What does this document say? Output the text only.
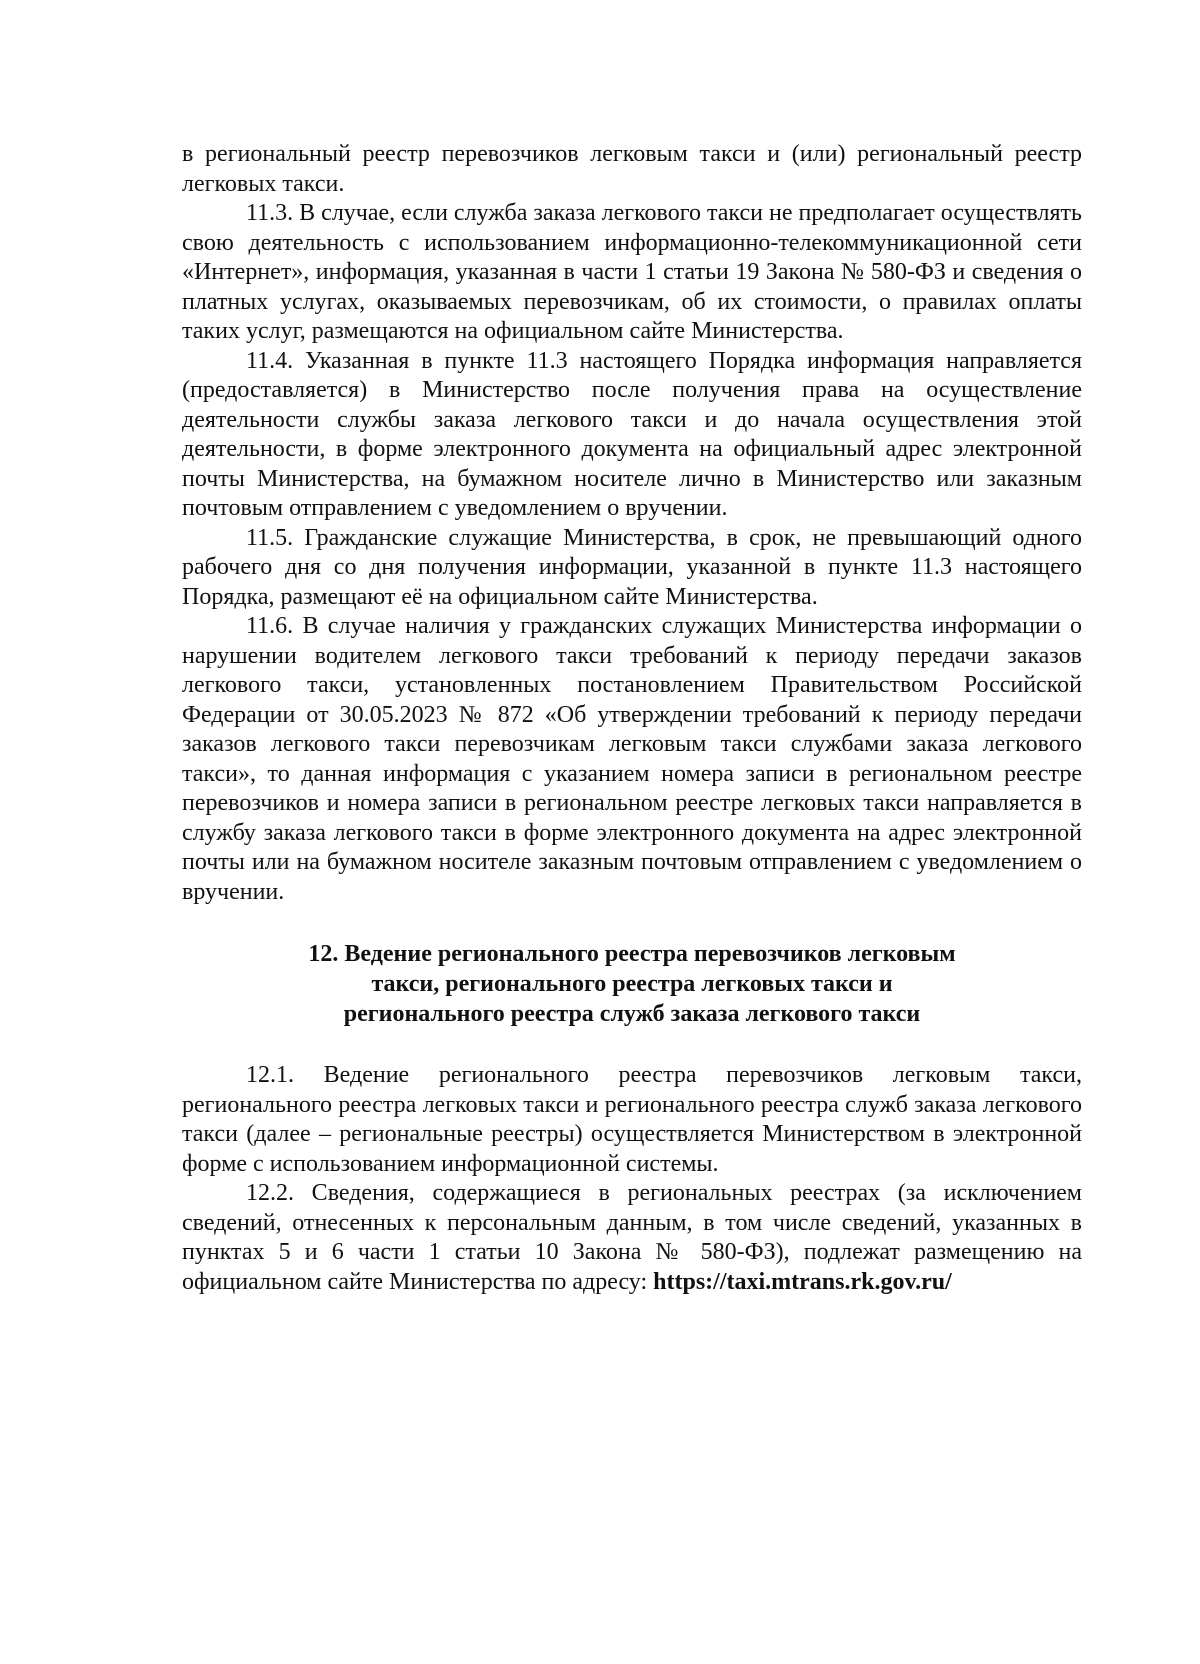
в региональный реестр перевозчиков легковым такси и (или) региональный реестр легковых такси.

11.3. В случае, если служба заказа легкового такси не предполагает осуществлять свою деятельность с использованием информационно-телекоммуникационной сети «Интернет», информация, указанная в части 1 статьи 19 Закона № 580-ФЗ и сведения о платных услугах, оказываемых перевозчикам, об их стоимости, о правилах оплаты таких услуг, размещаются на официальном сайте Министерства.

11.4. Указанная в пункте 11.3 настоящего Порядка информация направляется (предоставляется) в Министерство после получения права на осуществление деятельности службы заказа легкового такси и до начала осуществления этой деятельности, в форме электронного документа на официальный адрес электронной почты Министерства, на бумажном носителе лично в Министерство или заказным почтовым отправлением с уведомлением о вручении.

11.5. Гражданские служащие Министерства, в срок, не превышающий одного рабочего дня со дня получения информации, указанной в пункте 11.3 настоящего Порядка, размещают её на официальном сайте Министерства.

11.6. В случае наличия у гражданских служащих Министерства информации о нарушении водителем легкового такси требований к периоду передачи заказов легкового такси, установленных постановлением Правительством Российской Федерации от 30.05.2023 № 872 «Об утверждении требований к периоду передачи заказов легкового такси перевозчикам легковым такси службами заказа легкового такси», то данная информация с указанием номера записи в региональном реестре перевозчиков и номера записи в региональном реестре легковых такси направляется в службу заказа легкового такси в форме электронного документа на адрес электронной почты или на бумажном носителе заказным почтовым отправлением с уведомлением о вручении.

12. Ведение регионального реестра перевозчиков легковым
такси, регионального реестра легковых такси и
регионального реестра служб заказа легкового такси

12.1. Ведение регионального реестра перевозчиков легковым такси, регионального реестра легковых такси и регионального реестра служб заказа легкового такси (далее – региональные реестры) осуществляется Министерством в электронной форме с использованием информационной системы.

12.2. Сведения, содержащиеся в региональных реестрах (за исключением сведений, отнесенных к персональным данным, в том числе сведений, указанных в пунктах 5 и 6 части 1 статьи 10 Закона № 580-ФЗ), подлежат размещению на официальном сайте Министерства по адресу: https://taxi.mtrans.rk.gov.ru/
